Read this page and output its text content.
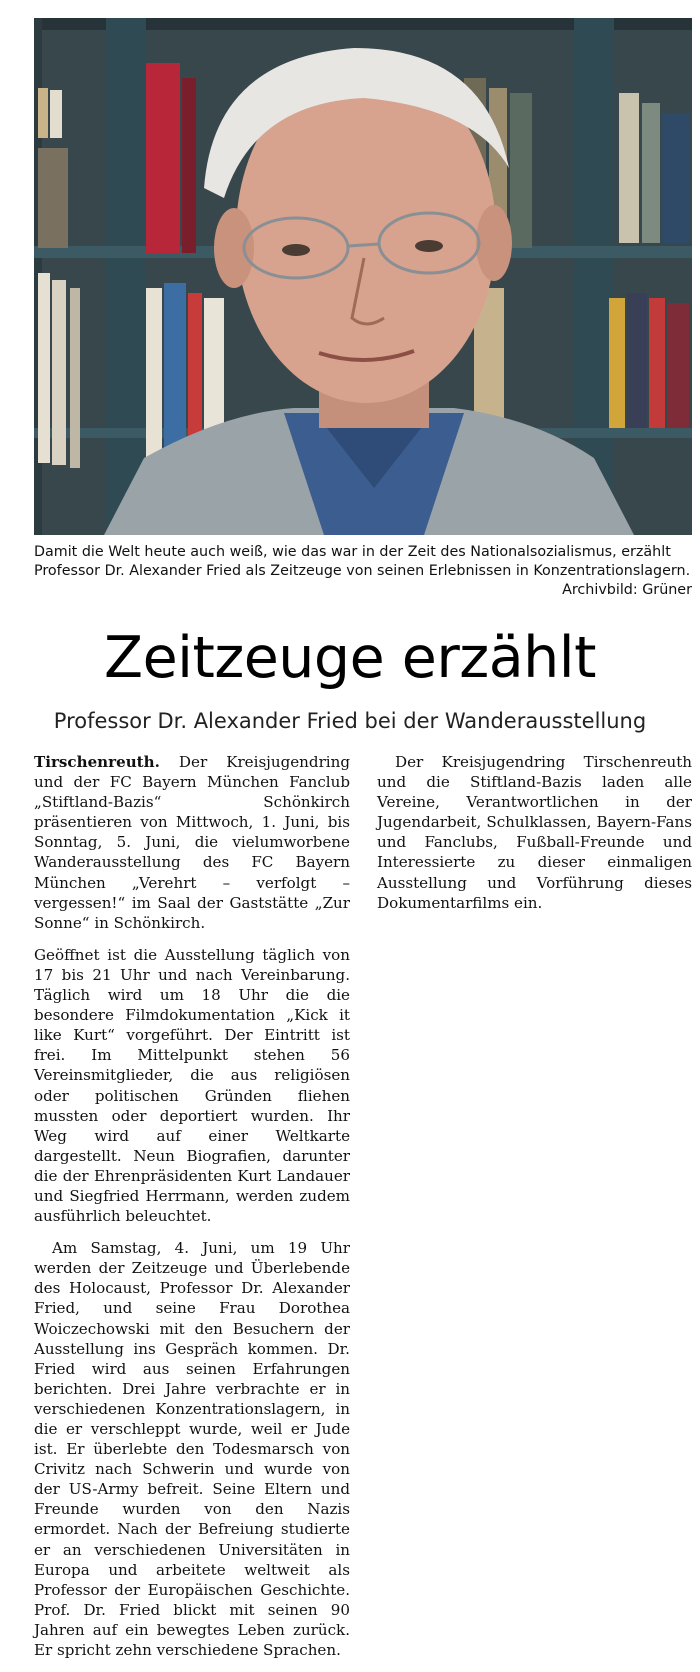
Damit die Welt heute auch weiß, wie das war in der Zeit des Nationalsozialismus, erzählt Professor Dr. Alexander Fried als Zeitzeuge von seinen Erlebnissen in Konzentrationslagern.
Archivbild: Grüner
Zeitzeuge erzählt
Professor Dr. Alexander Fried bei der Wanderausstellung

Tirschenreuth. Der Kreisjugendring und der FC Bayern München Fanclub „Stiftland-Bazis“ Schönkirch präsentieren von Mittwoch, 1. Juni, bis Sonntag, 5. Juni, die vielumworbene Wanderausstellung des FC Bayern München „Verehrt – verfolgt – vergessen!“ im Saal der Gaststätte „Zur Sonne“ in Schönkirch.

Geöffnet ist die Ausstellung täglich von 17 bis 21 Uhr und nach Vereinbarung. Täglich wird um 18 Uhr die die besondere Filmdokumentation „Kick it like Kurt“ vorgeführt. Der Eintritt ist frei. Im Mittelpunkt stehen 56 Vereinsmitglieder, die aus religiösen oder politischen Gründen fliehen mussten oder deportiert wurden. Ihr Weg wird auf einer Weltkarte dargestellt. Neun Biografien, darunter die der Ehrenpräsidenten Kurt Landauer und Siegfried Herrmann, werden zudem ausführlich beleuchtet.

Am Samstag, 4. Juni, um 19 Uhr werden der Zeitzeuge und Überlebende des Holocaust, Professor Dr. Alexander Fried, und seine Frau Dorothea Woiczechowski mit den Besuchern der Ausstellung ins Gespräch kommen. Dr. Fried wird aus seinen Erfahrungen berichten. Drei Jahre verbrachte er in verschiedenen Konzentrationslagern, in die er verschleppt wurde, weil er Jude ist. Er überlebte den Todesmarsch von Crivitz nach Schwerin und wurde von der US-Army befreit. Seine Eltern und Freunde wurden von den Nazis ermordet. Nach der Befreiung studierte er an verschiedenen Universitäten in Europa und arbeitete weltweit als Professor der Europäischen Geschichte. Prof. Dr. Fried blickt mit seinen 90 Jahren auf ein bewegtes Leben zurück. Er spricht zehn verschiedene Sprachen.

Der Kreisjugendring Tirschenreuth und die Stiftland-Bazis laden alle Vereine, Verantwortlichen in der Jugendarbeit, Schulklassen, Bayern-Fans und Fanclubs, Fußball-Freunde und Interessierte zu dieser einmaligen Ausstellung und Vorführung dieses Dokumentarfilms ein.
